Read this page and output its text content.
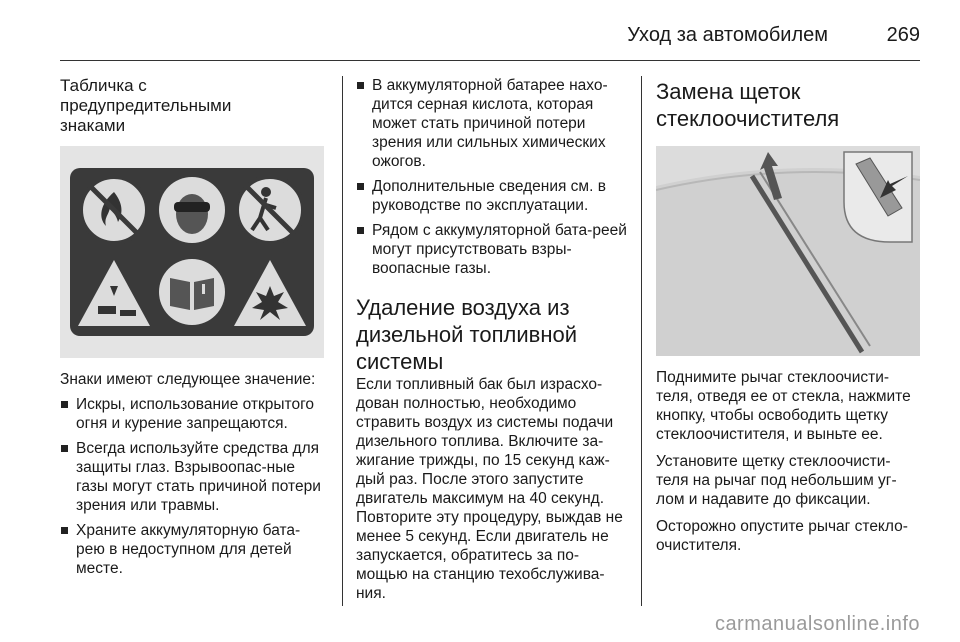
Уход за автомобилем	269
Табличка с
предупредительными
знаками

Знаки имеют следующее значение:

Искры, использование открытого огня и курение запрещаются.
Всегда используйте средства для защиты глаз. Взрывоопас-ные газы могут стать причиной потери зрения или травмы.
Храните аккумуляторную бата-рею в недоступном для детей месте.
В аккумуляторной батарее нахо-дится серная кислота, которая может стать причиной потери зрения или сильных химических ожогов.
Дополнительные сведения см. в руководстве по эксплуатации.
Рядом с аккумуляторной бата-реей могут присутствовать взры-воопасные газы.
Удаление воздуха из
дизельной топливной
системы

Если топливный бак был израсхо-дован полностью, необходимо стравить воздух из системы подачи дизельного топлива. Включите за-жигание трижды, по 15 секунд каж-дый раз. После этого запустите двигатель максимум на 40 секунд. Повторите эту процедуру, выждав не менее 5 секунд. Если двигатель не запускается, обратитесь за по-мощью на станцию техобслужива-ния.

Замена щеток
стеклоочистителя

Поднимите рычаг стеклоочисти-теля, отведя ее от стекла, нажмите кнопку, чтобы освободить щетку стеклоочистителя, и выньте ее.

Установите щетку стеклоочисти-теля на рычаг под небольшим уг-лом и надавите до фиксации.

Осторожно опустите рычаг стекло-очистителя.

carmanualsonline.info
